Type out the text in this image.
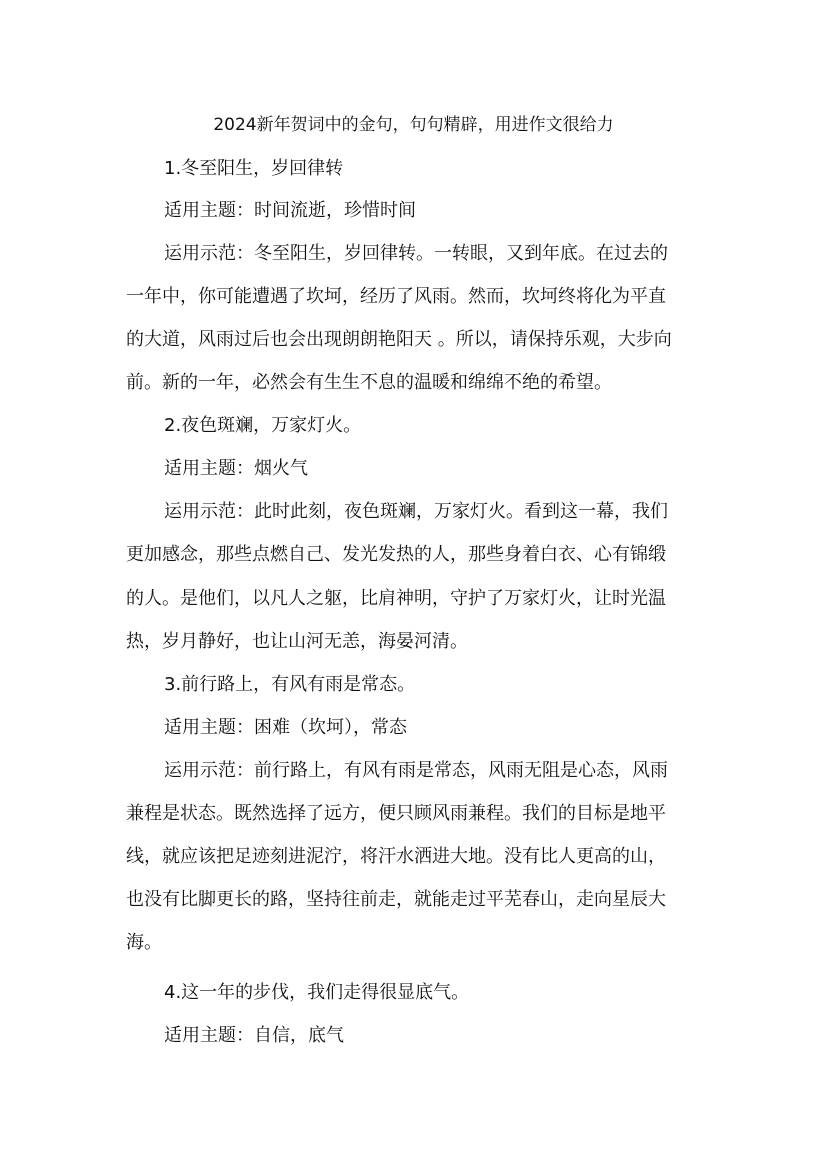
2024新年贺词中的金句，句句精辟，用进作文很给力
1.冬至阳生，岁回律转
适用主题：时间流逝，珍惜时间
运用示范：冬至阳生，岁回律转。一转眼，又到年底。在过去的
一年中，你可能遭遇了坎坷，经历了风雨。然而，坎坷终将化为平直
的大道，风雨过后也会出现朗朗艳阳天 。所以，请保持乐观，大步向
前。新的一年，必然会有生生不息的温暖和绵绵不绝的希望。
2.夜色斑斓，万家灯火。
适用主题：烟火气
运用示范：此时此刻，夜色斑斓，万家灯火。看到这一幕，我们
更加感念，那些点燃自己、发光发热的人，那些身着白衣、心有锦缎
的人。是他们，以凡人之躯，比肩神明，守护了万家灯火，让时光温
热，岁月静好，也让山河无恙，海晏河清。
3.前行路上，有风有雨是常态。
适用主题：困难（坎坷），常态
运用示范：前行路上，有风有雨是常态，风雨无阻是心态，风雨
兼程是状态。既然选择了远方，便只顾风雨兼程。我们的目标是地平
线，就应该把足迹刻进泥泞，将汗水洒进大地。没有比人更高的山，
也没有比脚更长的路，坚持往前走，就能走过平芜春山，走向星辰大
海。
4.这一年的步伐，我们走得很显底气。
适用主题：自信，底气
